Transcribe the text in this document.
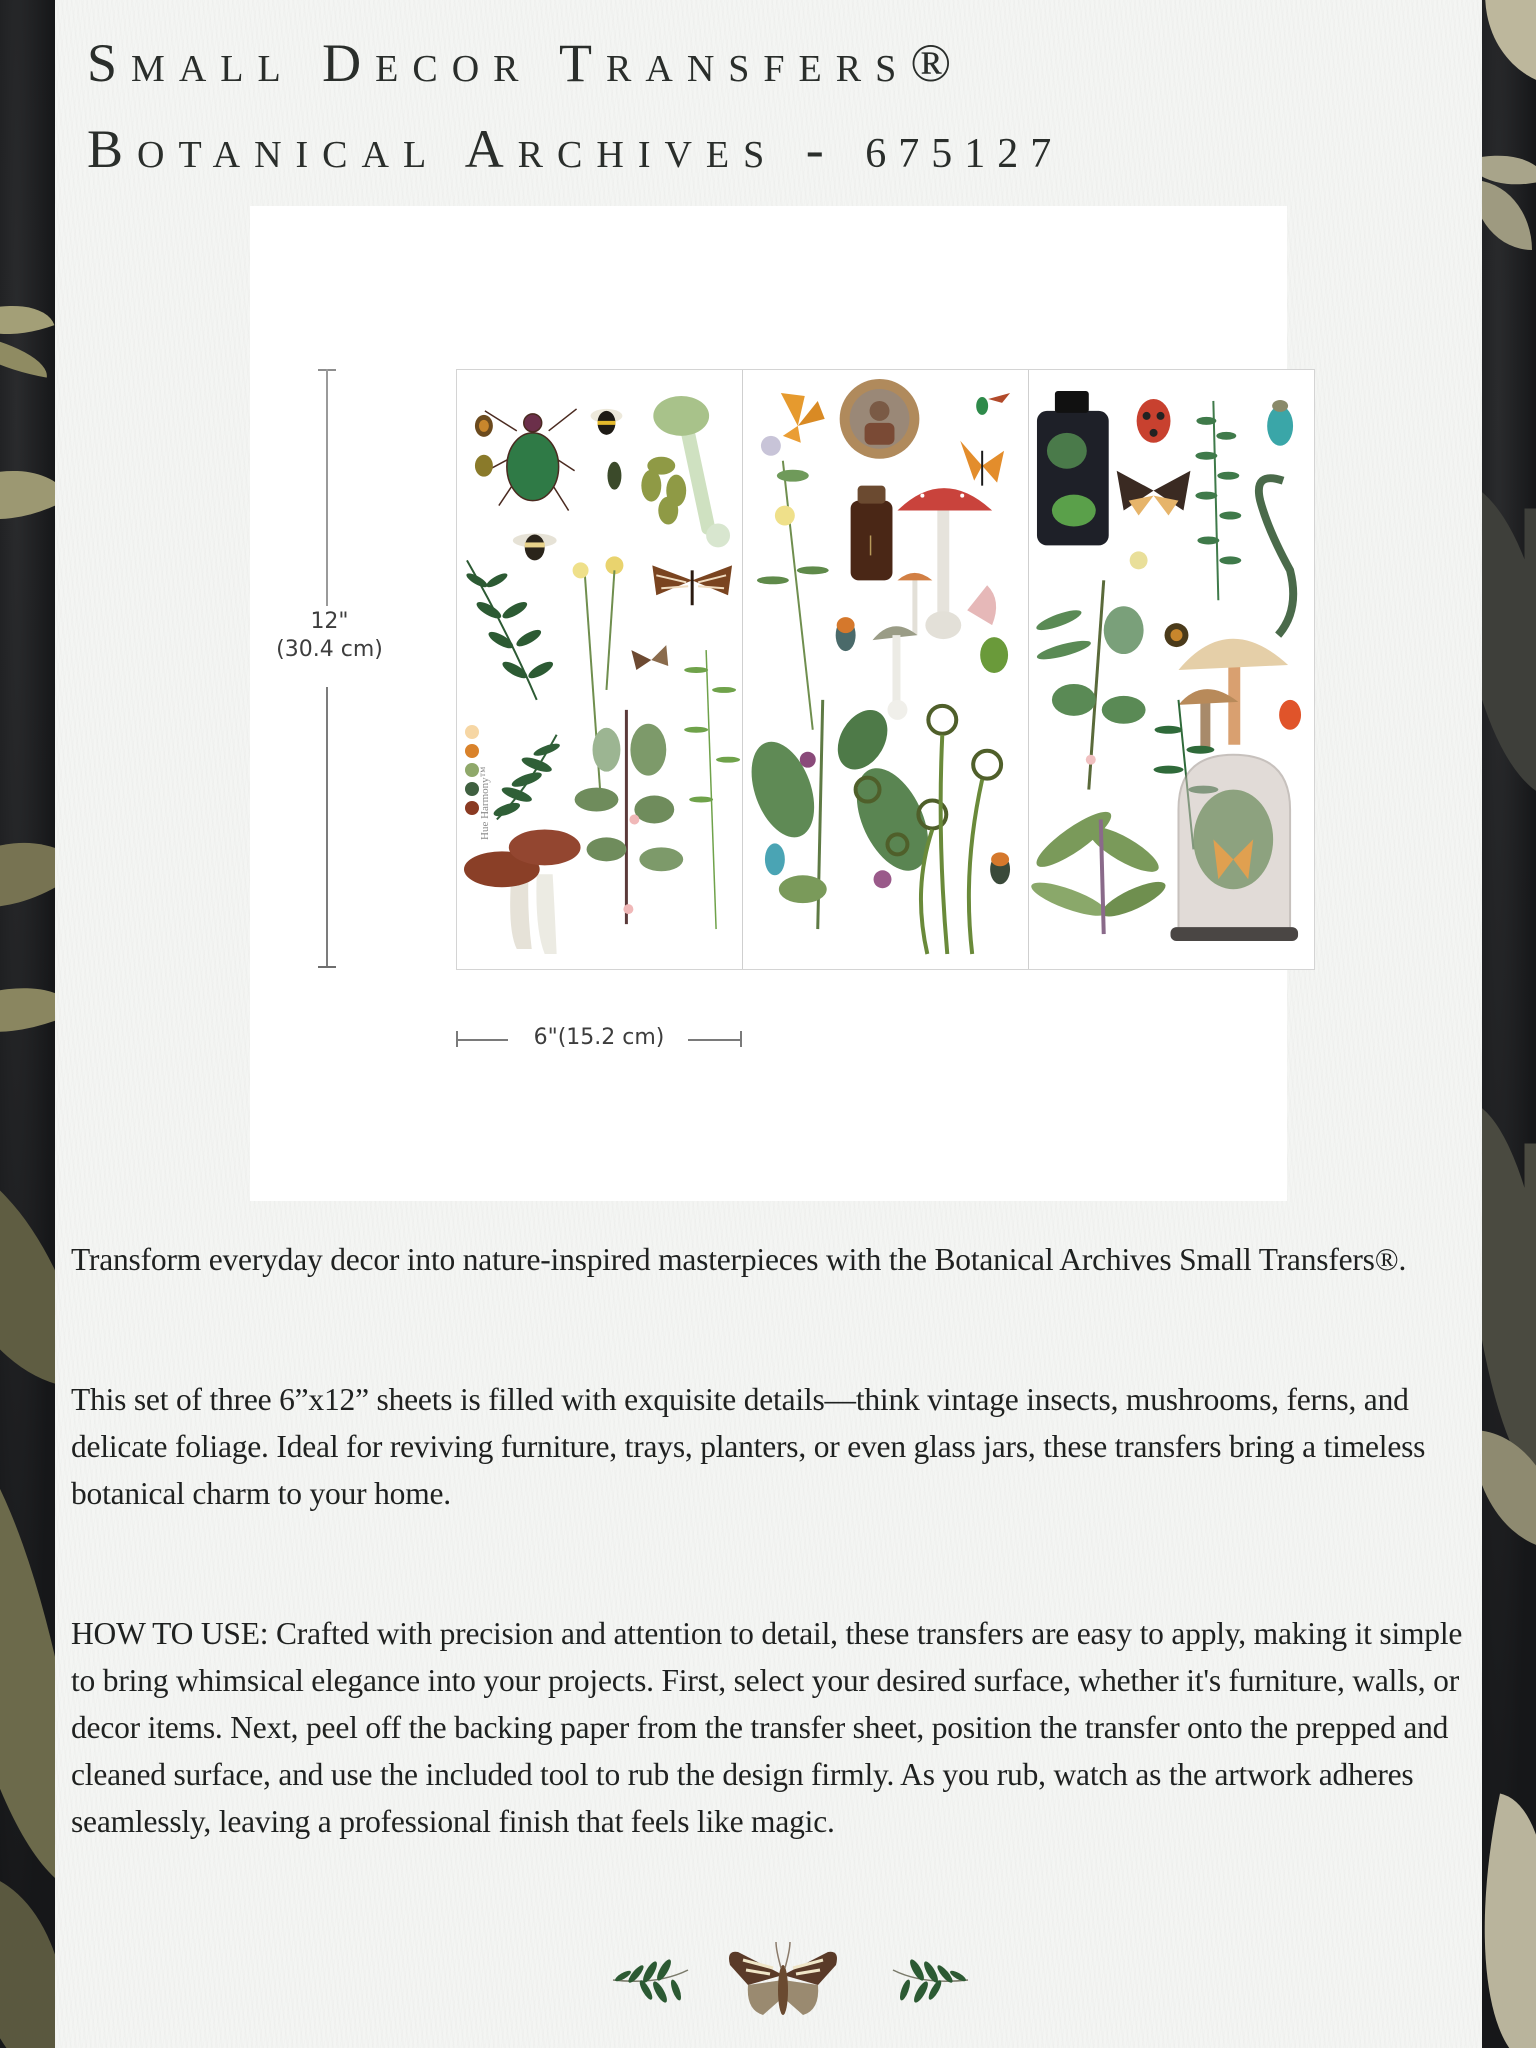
Small Decor Transfers®
Botanical Archives - 675127
12"
(30.4 cm)
Hue Harmony™
6"(15.2 cm)

Transform everyday decor into nature-inspired masterpieces with the Botanical Archives Small Transfers®.

This set of three 6”x12” sheets is filled with exquisite details—think vintage insects, mushrooms, ferns, and delicate foliage. Ideal for reviving furniture, trays, planters, or even glass jars, these transfers bring a timeless botanical charm to your home.

HOW TO USE: Crafted with precision and attention to detail, these transfers are easy to apply, making it simple to bring whimsical elegance into your projects. First, select your desired surface, whether it's furniture, walls, or decor items. Next, peel off the backing paper from the transfer sheet, position the transfer onto the prepped and cleaned surface, and use the included tool to rub the design firmly. As you rub, watch as the artwork adheres seamlessly, leaving a professional finish that feels like magic.
